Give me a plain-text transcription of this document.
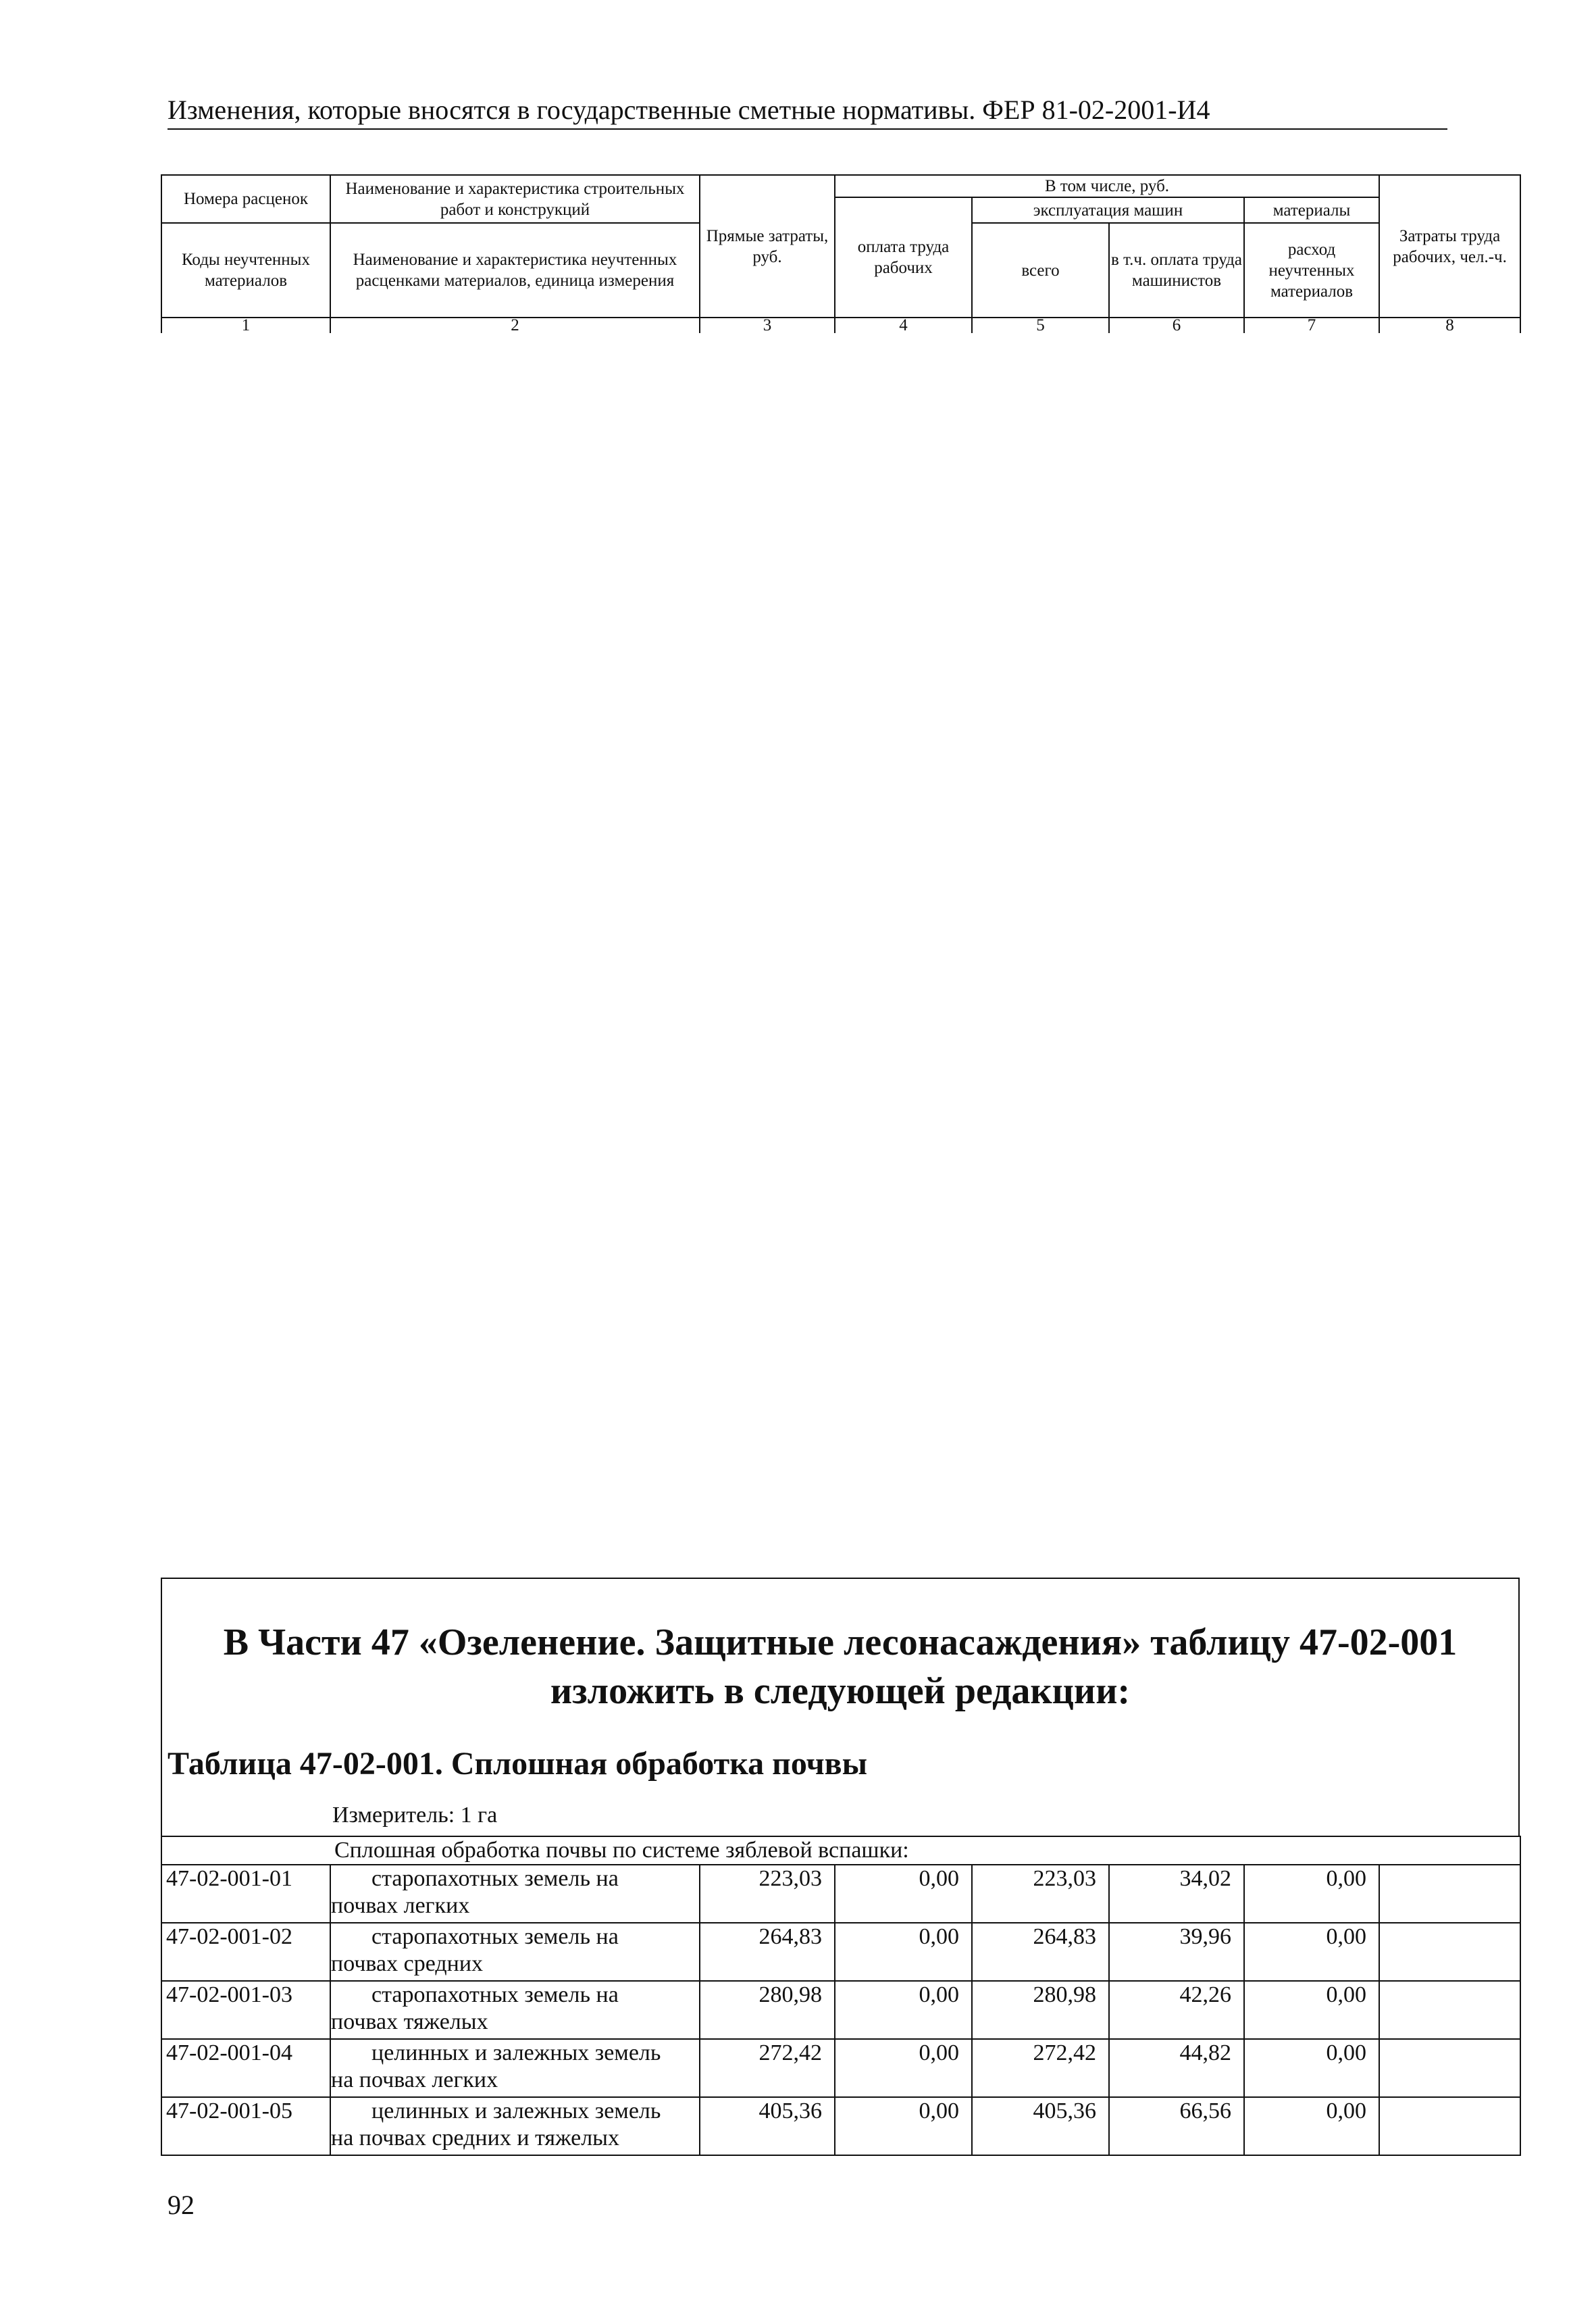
Изменения, которые вносятся в государственные сметные нормативы. ФЕР 81-02-2001-И4
Номера расценок	Наименование и характеристика строительных работ и конструкций	Прямые затраты, руб.	В том числе, руб.				Затраты труда рабочих, чел.-ч.
			оплата труда рабочих	эксплуатация машин		материалы	
Коды неучтенных материалов	Наименование и характеристика неучтенных расценками материалов, единица измерения			всего	в т.ч. оплата труда машинистов	расход неучтенных материалов	

1	2	3	4	5	6	7	8
В Части 47 «Озеленение. Защитные лесонасаждения» таблицу 47-02-001
изложить в следующей редакции:
Таблица 47-02-001. Сплошная обработка почвы
Измеритель: 1 га
	Сплошная обработка почвы по системе зяблевой вспашки:						
47-02-001-01	старопахотных земель на
почвах легких	223,03	0,00	223,03	34,02	0,00	
47-02-001-02	старопахотных земель на
почвах средних	264,83	0,00	264,83	39,96	0,00	
47-02-001-03	старопахотных земель на
почвах тяжелых	280,98	0,00	280,98	42,26	0,00	
47-02-001-04	целинных и залежных земель
на почвах легких	272,42	0,00	272,42	44,82	0,00	
47-02-001-05	целинных и залежных земель
на почвах средних и тяжелых	405,36	0,00	405,36	66,56	0,00	
92
